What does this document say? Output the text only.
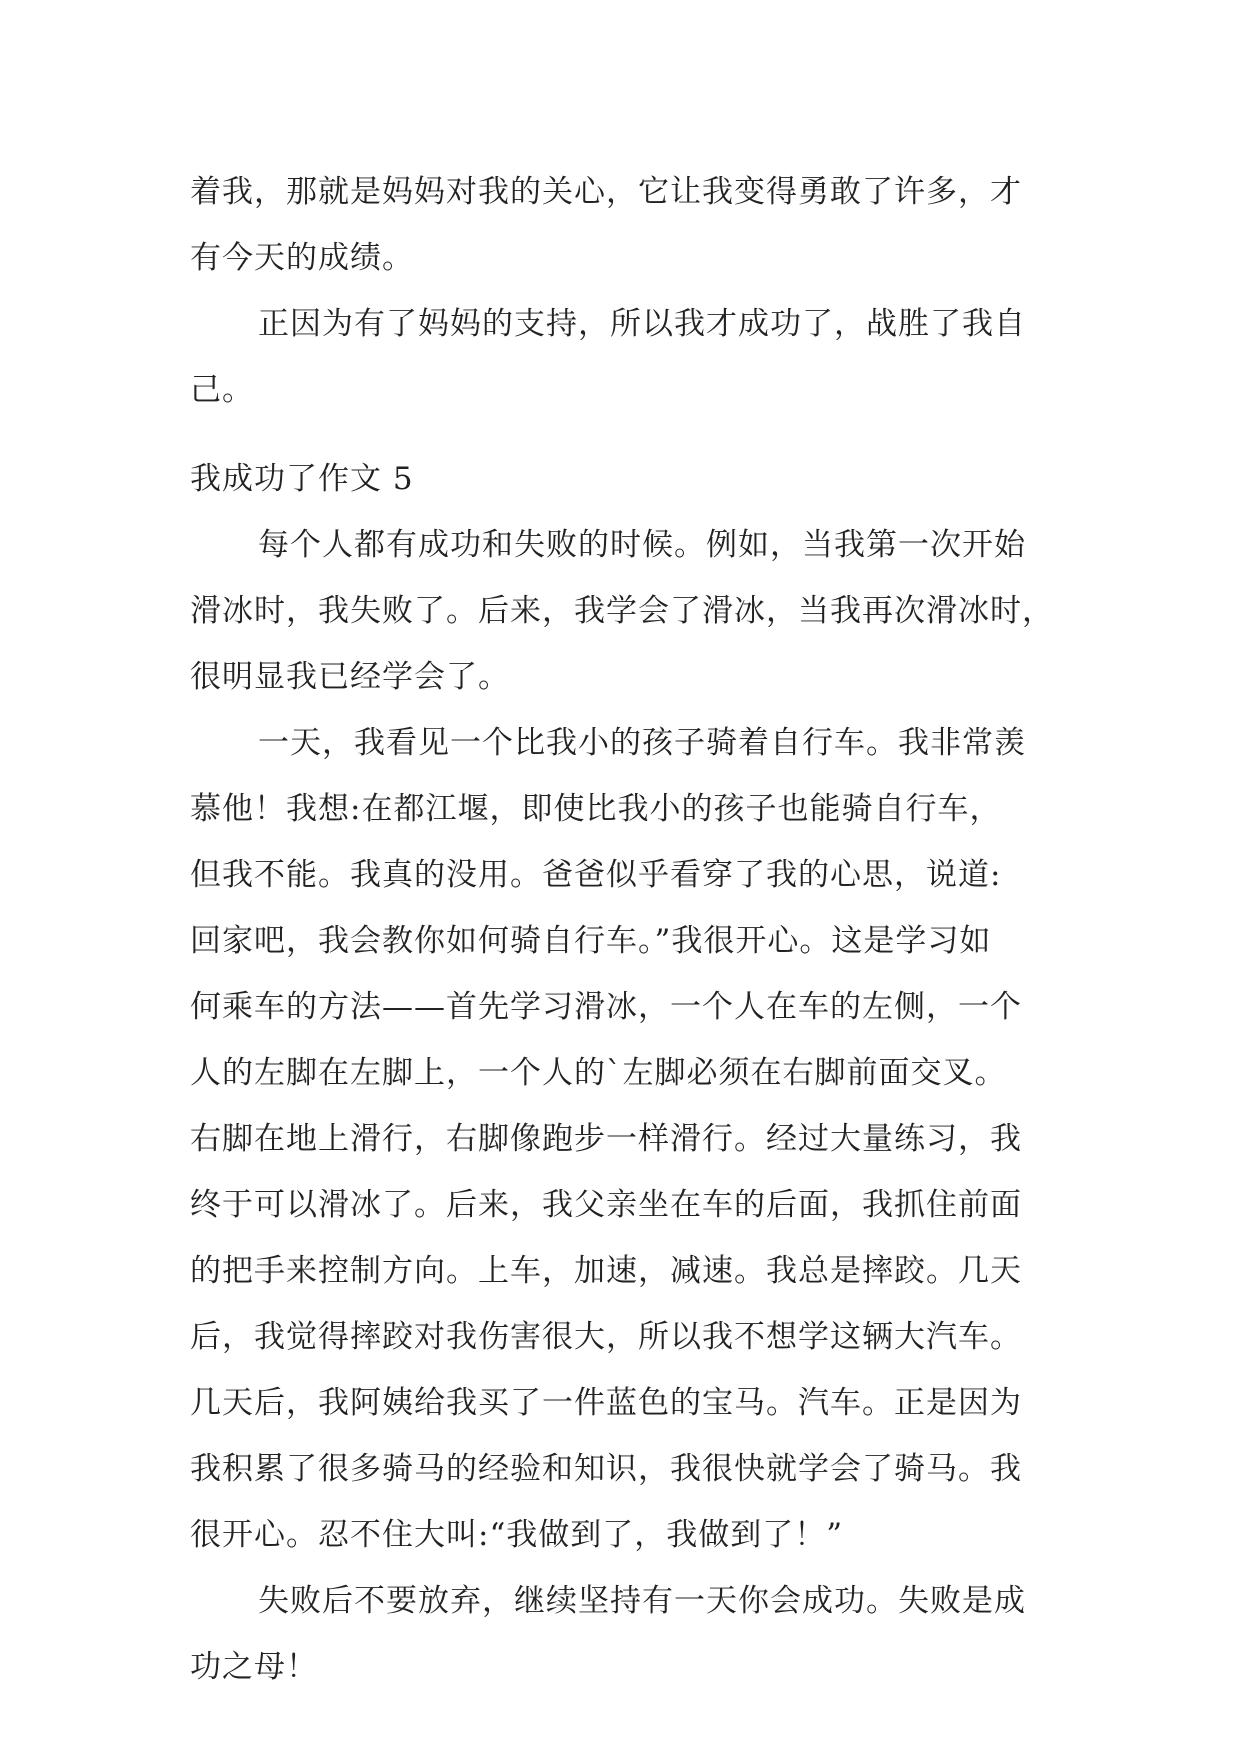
着我，那就是妈妈对我的关心，它让我变得勇敢了许多，才
有今天的成绩。
正因为有了妈妈的支持，所以我才成功了，战胜了我自
己。
我成功了作文 5
每个人都有成功和失败的时候。例如，当我第一次开始
滑冰时，我失败了。后来，我学会了滑冰，当我再次滑冰时，
很明显我已经学会了。
一天，我看见一个比我小的孩子骑着自行车。我非常羡
慕他！我想:在都江堰，即使比我小的孩子也能骑自行车，
但我不能。我真的没用。爸爸似乎看穿了我的心思，说道:
回家吧，我会教你如何骑自行车。”我很开心。这是学习如
何乘车的方法——首先学习滑冰，一个人在车的左侧，一个
人的左脚在左脚上，一个人的`左脚必须在右脚前面交叉。
右脚在地上滑行，右脚像跑步一样滑行。经过大量练习，我
终于可以滑冰了。后来，我父亲坐在车的后面，我抓住前面
的把手来控制方向。上车，加速，减速。我总是摔跤。几天
后，我觉得摔跤对我伤害很大，所以我不想学这辆大汽车。
几天后，我阿姨给我买了一件蓝色的宝马。汽车。正是因为
我积累了很多骑马的经验和知识，我很快就学会了骑马。我
很开心。忍不住大叫:“我做到了，我做到了！”
失败后不要放弃，继续坚持有一天你会成功。失败是成
功之母！
